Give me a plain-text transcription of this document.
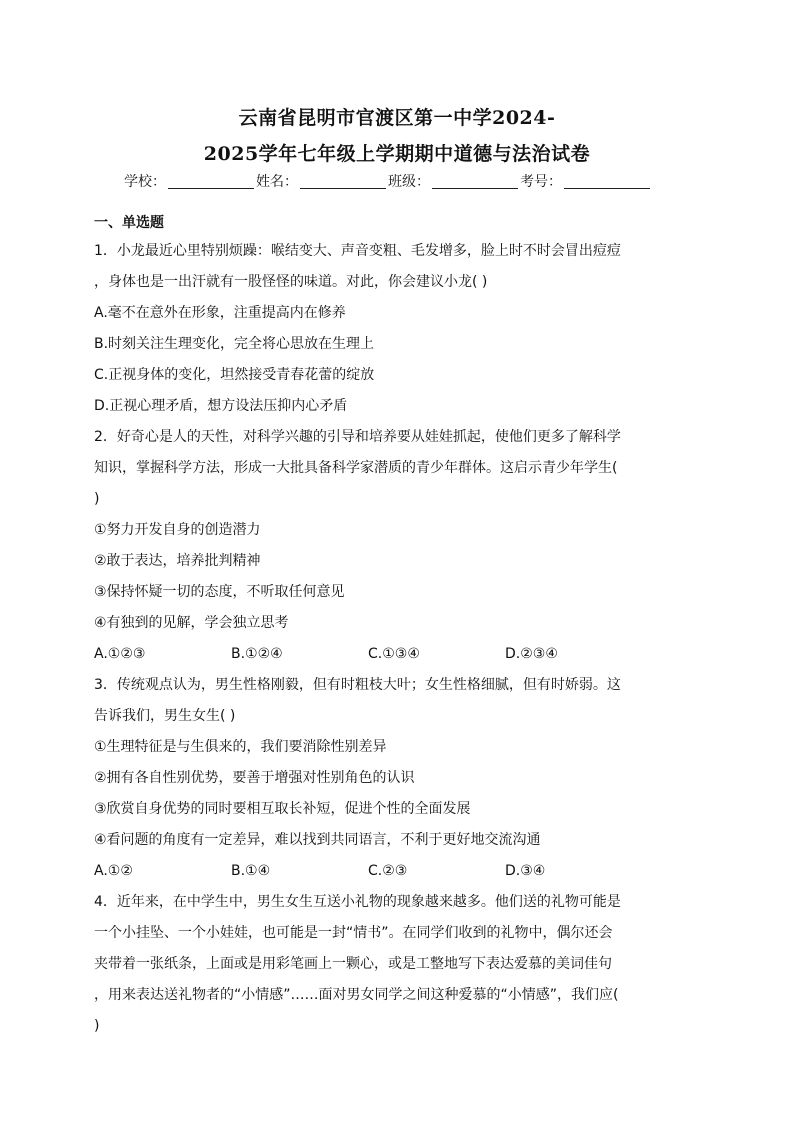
云南省昆明市官渡区第一中学2024-
2025学年七年级上学期期中道德与法治试卷
学校：	姓名：	班级：	考号：
一、单选题
1．小龙最近心里特别烦躁：喉结变大、声音变粗、毛发增多，脸上时不时会冒出痘痘
，身体也是一出汗就有一股怪怪的味道。对此，你会建议小龙( )
A.毫不在意外在形象，注重提高内在修养
B.时刻关注生理变化，完全将心思放在生理上
C.正视身体的变化，坦然接受青春花蕾的绽放
D.正视心理矛盾，想方设法压抑内心矛盾
2．好奇心是人的天性，对科学兴趣的引导和培养要从娃娃抓起，使他们更多了解科学
知识，掌握科学方法，形成一大批具备科学家潜质的青少年群体。这启示青少年学生(
)
①努力开发自身的创造潜力
②敢于表达，培养批判精神
③保持怀疑一切的态度，不听取任何意见
④有独到的见解，学会独立思考
A.①②③	B.①②④	C.①③④	D.②③④
3．传统观点认为，男生性格刚毅，但有时粗枝大叶；女生性格细腻，但有时娇弱。这
告诉我们，男生女生( )
①生理特征是与生俱来的，我们要消除性别差异
②拥有各自性别优势，要善于增强对性别角色的认识
③欣赏自身优势的同时要相互取长补短，促进个性的全面发展
④看问题的角度有一定差异，难以找到共同语言，不利于更好地交流沟通
A.①②	B.①④	C.②③	D.③④
4．近年来，在中学生中，男生女生互送小礼物的现象越来越多。他们送的礼物可能是
一个小挂坠、一个小娃娃，也可能是一封“情书”。在同学们收到的礼物中，偶尔还会
夹带着一张纸条，上面或是用彩笔画上一颗心，或是工整地写下表达爱慕的美词佳句
，用来表达送礼物者的“小情感”……面对男女同学之间这种爱慕的“小情感”，我们应(
)
